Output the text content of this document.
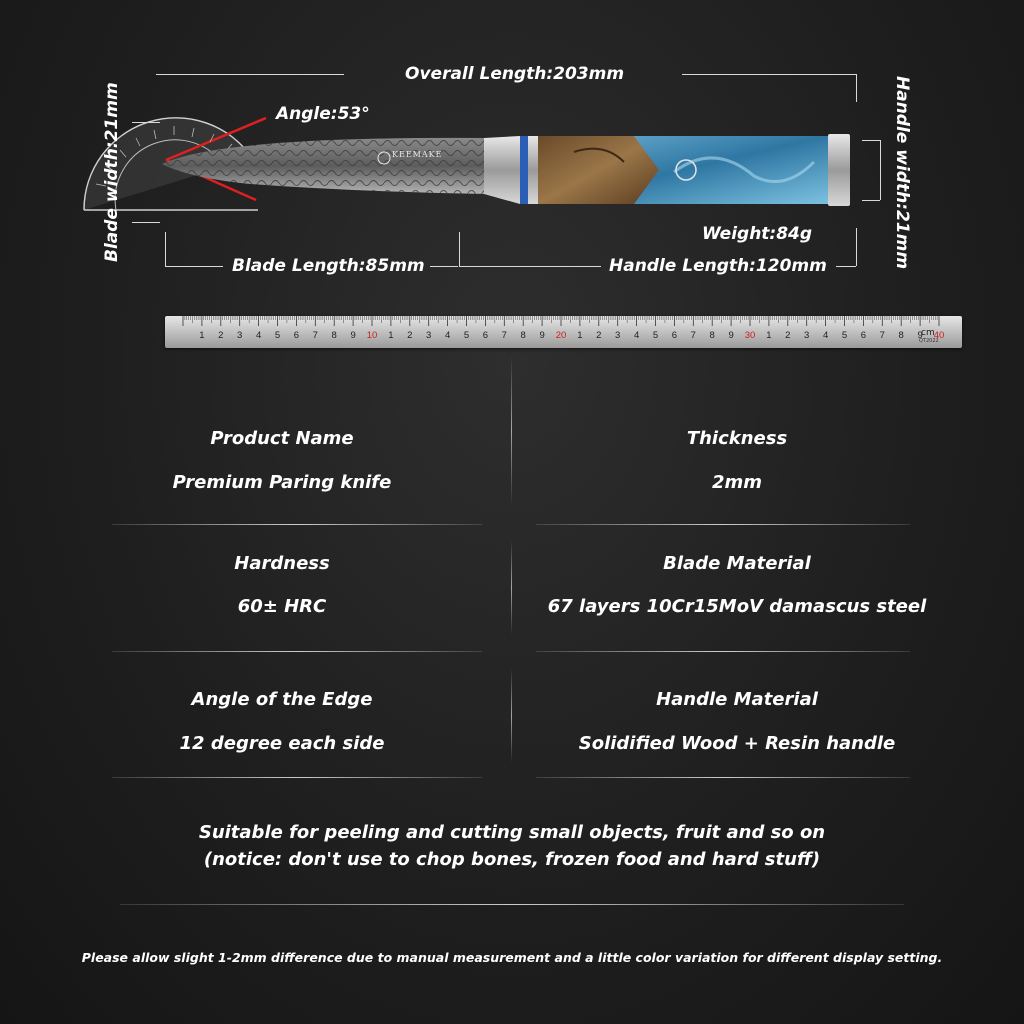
KEEMAKE
Overall Length:203mm
Angle:53°
Blade width:21mm	Handle width:21mm
Weight:84g
Blade Length:85mm	Handle Length:120mm
1 2 3 4 5 6 7 8 9 10 1 2 3 4 5 6 7 8 9 20 1 2 3 4 5 6 7 8 9 30 1 2 3 4 5 6 7 8 9 40
cm
QT2022
Product Name
Premium Paring knife
Thickness
2mm
Hardness
60± HRC
Blade Material
67 layers 10Cr15MoV damascus steel
Angle of the Edge
12 degree each side
Handle Material
Solidified Wood + Resin handle
Suitable for peeling and cutting small objects, fruit and so on
(notice: don't use to chop bones, frozen food and hard stuff)
Please allow slight 1-2mm difference due to manual measurement and a little color variation for different display setting.
